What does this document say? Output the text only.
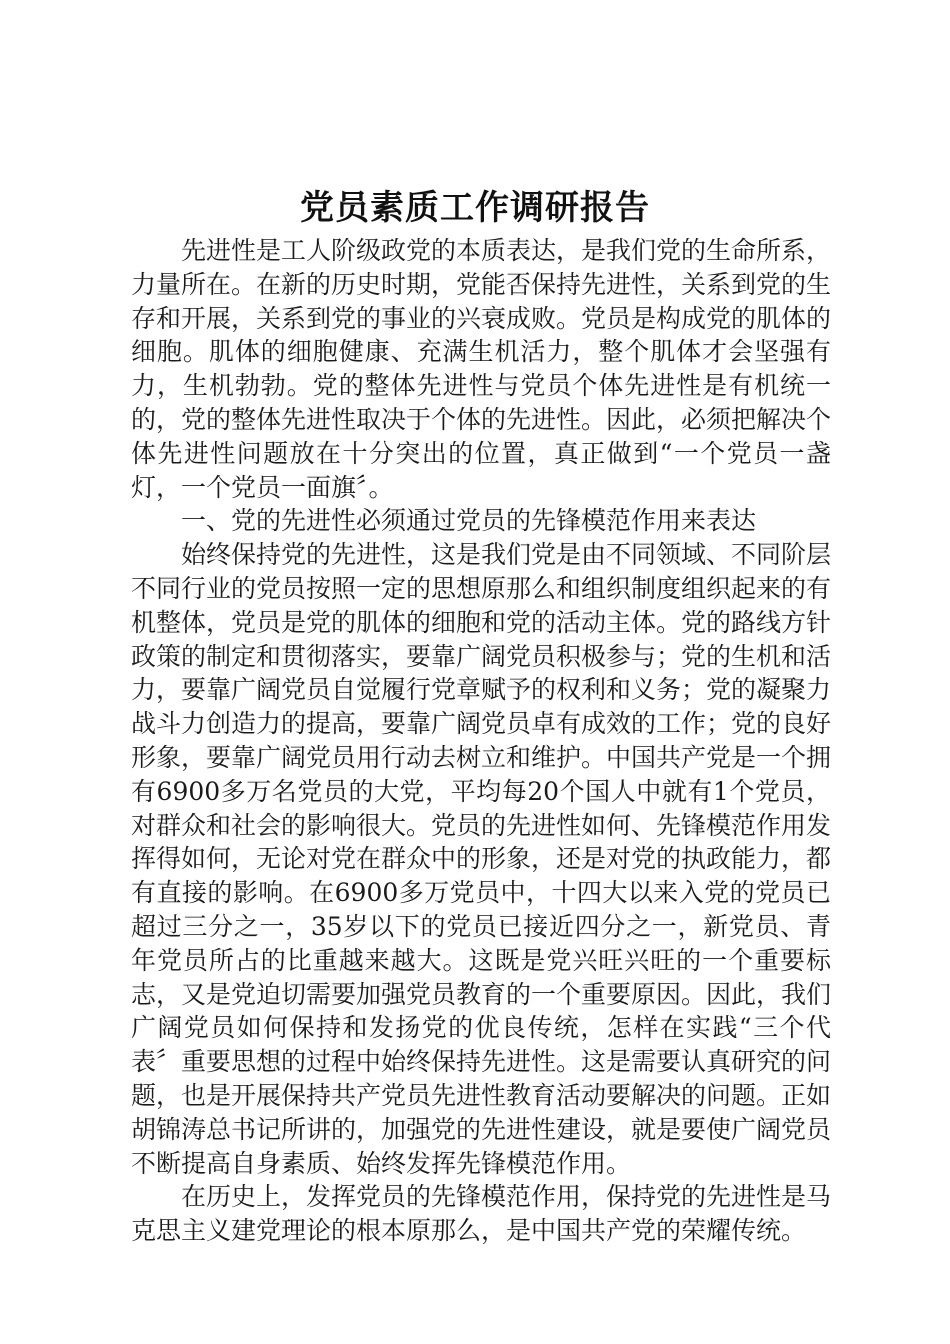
党员素质工作调研报告

先进性是工人阶级政党的本质表达，是我们党的生命所系，力量所在。在新的历史时期，党能否保持先进性，关系到党的生存和开展，关系到党的事业的兴衰成败。党员是构成党的肌体的细胞。肌体的细胞健康、充满生机活力，整个肌体才会坚强有力，生机勃勃。党的整体先进性与党员个体先进性是有机统一的，党的整体先进性取决于个体的先进性。因此，必须把解决个体先进性问题放在十分突出的位置，真正做到“一个党员一盏灯，一个党员一面旗〞。

一、党的先进性必须通过党员的先锋模范作用来表达

始终保持党的先进性，这是我们党是由不同领域、不同阶层不同行业的党员按照一定的思想原那么和组织制度组织起来的有机整体，党员是党的肌体的细胞和党的活动主体。党的路线方针政策的制定和贯彻落实，要靠广阔党员积极参与；党的生机和活力，要靠广阔党员自觉履行党章赋予的权利和义务；党的凝聚力战斗力创造力的提高，要靠广阔党员卓有成效的工作；党的良好形象，要靠广阔党员用行动去树立和维护。中国共产党是一个拥有6900多万名党员的大党，平均每20个国人中就有1个党员，对群众和社会的影响很大。党员的先进性如何、先锋模范作用发挥得如何，无论对党在群众中的形象，还是对党的执政能力，都有直接的影响。在6900多万党员中，十四大以来入党的党员已超过三分之一，35岁以下的党员已接近四分之一，新党员、青年党员所占的比重越来越大。这既是党兴旺兴旺的一个重要标志，又是党迫切需要加强党员教育的一个重要原因。因此，我们广阔党员如何保持和发扬党的优良传统，怎样在实践“三个代表〞重要思想的过程中始终保持先进性。这是需要认真研究的问题，也是开展保持共产党员先进性教育活动要解决的问题。正如胡锦涛总书记所讲的，加强党的先进性建设，就是要使广阔党员不断提高自身素质、始终发挥先锋模范作用。

在历史上，发挥党员的先锋模范作用，保持党的先进性是马克思主义建党理论的根本原那么，是中国共产党的荣耀传统。
